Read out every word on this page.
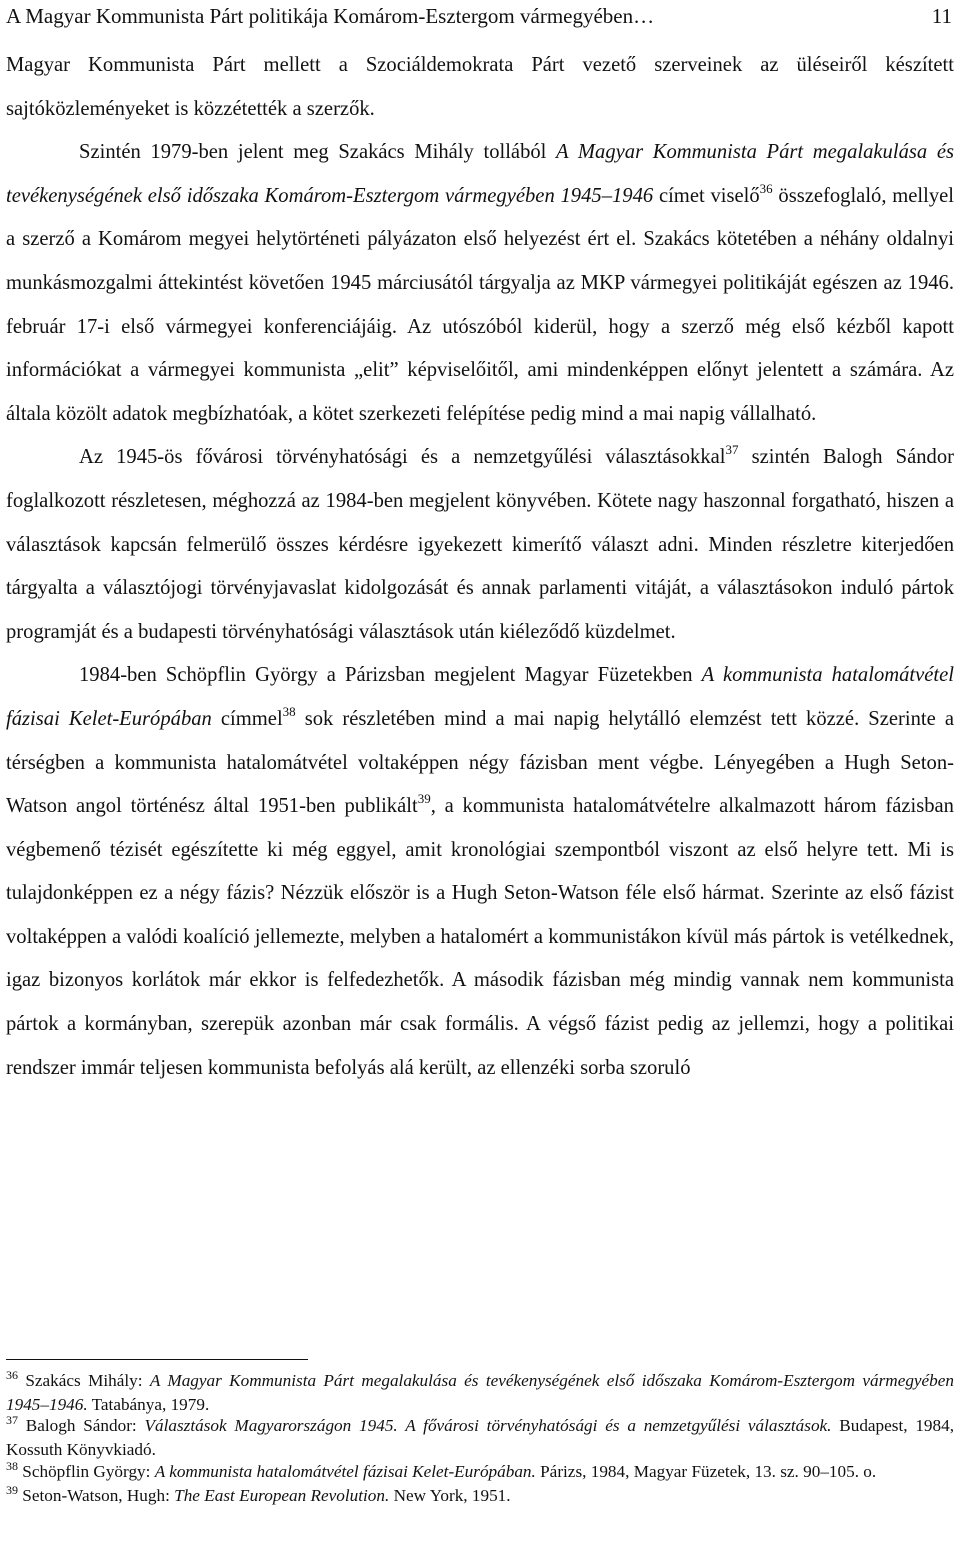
A Magyar Kommunista Párt politikája Komárom-Esztergom vármegyében…	11

Magyar Kommunista Párt mellett a Szociáldemokrata Párt vezető szerveinek az üléseiről készített sajtóközleményeket is közzétették a szerzők.

Szintén 1979-ben jelent meg Szakács Mihály tollából A Magyar Kommunista Párt megalakulása és tevékenységének első időszaka Komárom-Esztergom vármegyében 1945–1946 címet viselő$^{36}$ összefoglaló, mellyel a szerző a Komárom megyei helytörténeti pályázaton első helyezést ért el. Szakács kötetében a néhány oldalnyi munkásmozgalmi áttekintést követően 1945 márciusától tárgyalja az MKP vármegyei politikáját egészen az 1946. február 17-i első vármegyei konferenciájáig. Az utószóból kiderül, hogy a szerző még első kézből kapott információkat a vármegyei kommunista „elit” képviselőitől, ami mindenképpen előnyt jelentett a számára. Az általa közölt adatok megbízhatóak, a kötet szerkezeti felépítése pedig mind a mai napig vállalható.

Az 1945-ös fővárosi törvényhatósági és a nemzetgyűlési választásokkal$^{37}$ szintén Balogh Sándor foglalkozott részletesen, méghozzá az 1984-ben megjelent könyvében. Kötete nagy haszonnal forgatható, hiszen a választások kapcsán felmerülő összes kérdésre igyekezett kimerítő választ adni. Minden részletre kiterjedően tárgyalta a választójogi törvényjavaslat kidolgozását és annak parlamenti vitáját, a választásokon induló pártok programját és a budapesti törvényhatósági választások után kiéleződő küzdelmet.

1984-ben Schöpflin György a Párizsban megjelent Magyar Füzetekben A kommunista hatalomátvétel fázisai Kelet-Európában címmel$^{38}$ sok részletében mind a mai napig helytálló elemzést tett közzé. Szerinte a térségben a kommunista hatalomátvétel voltaképpen négy fázisban ment végbe. Lényegében a Hugh Seton-Watson angol történész által 1951-ben publikált$^{39}$, a kommunista hatalomátvételre alkalmazott három fázisban végbemenő tézisét egészítette ki még eggyel, amit kronológiai szempontból viszont az első helyre tett. Mi is tulajdonképpen ez a négy fázis? Nézzük először is a Hugh Seton-Watson féle első hármat. Szerinte az első fázist voltaképpen a valódi koalíció jellemezte, melyben a hatalomért a kommunistákon kívül más pártok is vetélkednek, igaz bizonyos korlátok már ekkor is felfedezhetők. A második fázisban még mindig vannak nem kommunista pártok a kormányban, szerepük azonban már csak formális. A végső fázist pedig az jellemzi, hogy a politikai rendszer immár teljesen kommunista befolyás alá került, az ellenzéki sorba szoruló

$^{36}$ Szakács Mihály: A Magyar Kommunista Párt megalakulása és tevékenységének első időszaka Komárom-Esztergom vármegyében 1945–1946. Tatabánya, 1979.

$^{37}$ Balogh Sándor: Választások Magyarországon 1945. A fővárosi törvényhatósági és a nemzetgyűlési választások. Budapest, 1984, Kossuth Könyvkiadó.

$^{38}$ Schöpflin György: A kommunista hatalomátvétel fázisai Kelet-Európában. Párizs, 1984, Magyar Füzetek, 13. sz. 90–105. o.

$^{39}$ Seton-Watson, Hugh: The East European Revolution. New York, 1951.
